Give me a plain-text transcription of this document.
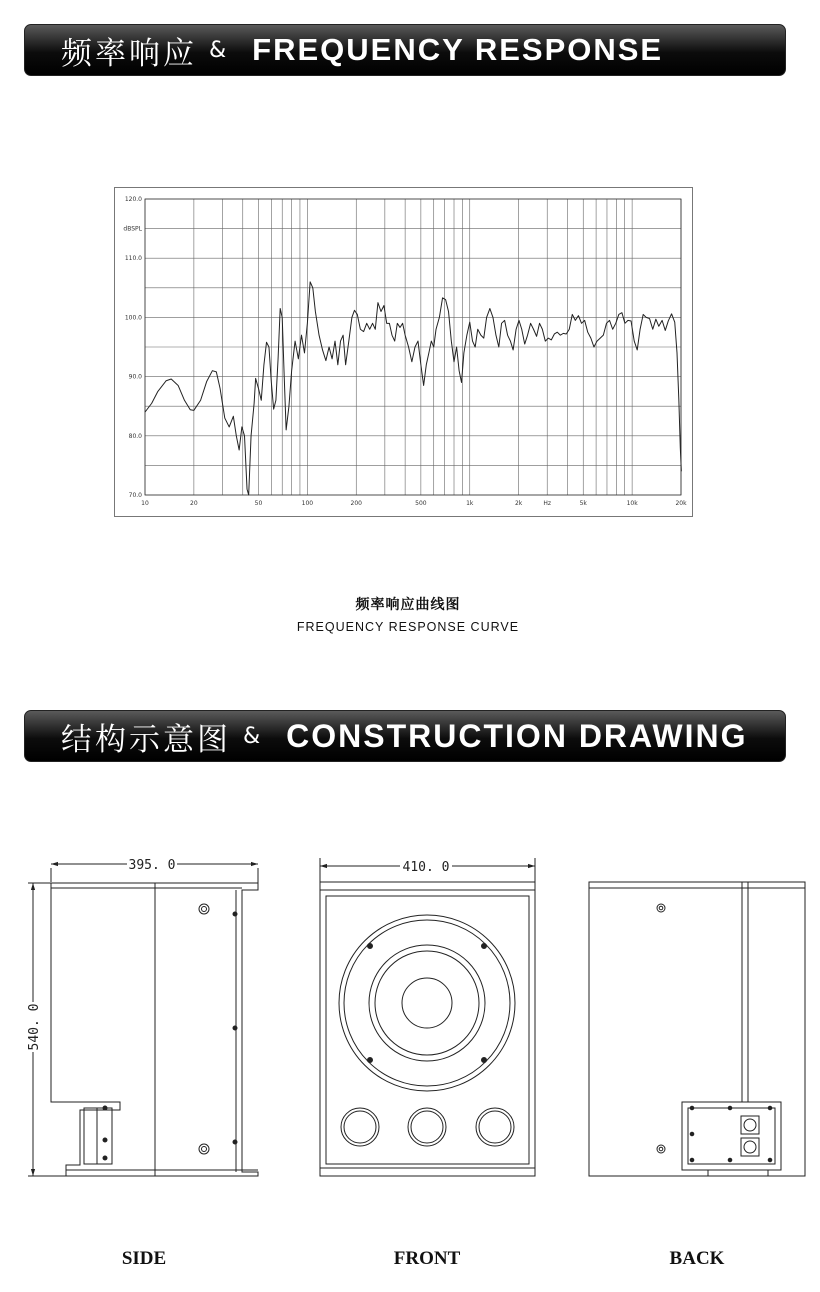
频率响应 & FREQUENCY RESPONSE
70.0
80.0
90.0
100.0
110.0
120.0
dBSPL
10	20	50	100	200	500	1k	2k	5k	10k	20k
Hz
频率响应曲线图
FREQUENCY RESPONSE CURVE
结构示意图 & CONSTRUCTION DRAWING
395. 0	410. 0
540. 0
SIDE	FRONT	BACK
